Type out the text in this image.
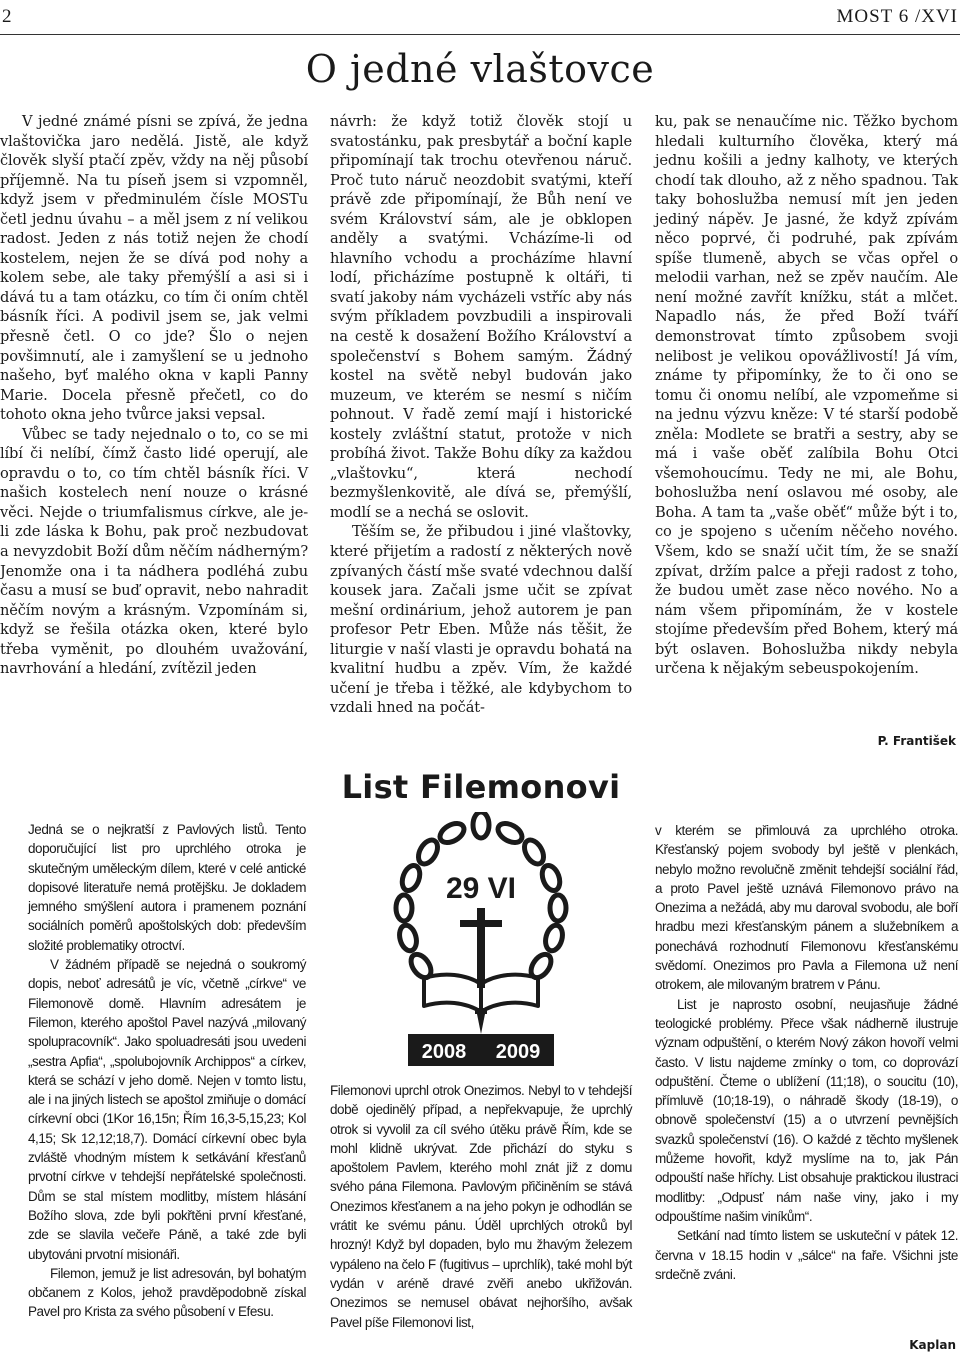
2	MOST 6 /XVI
O jedné vlaštovce

V jedné známé písni se zpívá, že jedna vlaštovička jaro nedělá. Jistě, ale když člověk slyší ptačí zpěv, vždy na něj působí příjemně. Na tu píseň jsem si vzpomněl, když jsem v předminulém čísle MOSTu četl jednu úvahu – a měl jsem z ní velikou radost. Jeden z nás totiž nejen že chodí kostelem, nejen že se dívá pod nohy a kolem sebe, ale taky přemýšlí a asi si i dává tu a tam otázku, co tím či oním chtěl básník říci. A podivil jsem se, jak velmi přesně četl. O co jde? Šlo o nejen povšimnutí, ale i zamyšlení se u jednoho našeho, byť malého okna v kapli Panny Marie. Docela přesně přečetl, co do tohoto okna jeho tvůrce jaksi vepsal.

Vůbec se tady nejednalo o to, co se mi líbí či nelíbí, čímž často lidé operují, ale opravdu o to, co tím chtěl básník říci. V našich kostelech není nouze o krásné věci. Nejde o triumfalismus církve, ale je-li zde láska k Bohu, pak proč nezbudovat a nevyzdobit Boží dům něčím nádherným? Jenomže ona i ta nádhera podléhá zubu času a musí se buď opravit, nebo nahradit něčím novým a krásným. Vzpomínám si, když se řešila otázka oken, které bylo třeba vyměnit, po dlouhém uvažování, navrhování a hledání, zvítězil jeden

návrh: že když totiž člověk stojí u svatostánku, pak presbytář a boční kaple připomínají tak trochu otevřenou náruč. Proč tuto náruč neozdobit svatými, kteří právě zde připomínají, že Bůh není ve svém Království sám, ale je obklopen anděly a svatými. Vcházíme-li od hlavního vchodu a procházíme hlavní lodí, přicházíme postupně k oltáři, ti svatí jakoby nám vycházeli vstříc aby nás svým příkladem povzbudili a inspirovali na cestě k dosažení Božího Království a společenství s Bohem samým. Žádný kostel na světě nebyl budován jako muzeum, ve kterém se nesmí s ničím pohnout. V řadě zemí mají i historické kostely zvláštní statut, protože v nich probíhá život. Takže Bohu díky za každou „vlaštovku“, která nechodí bezmyšlenkovitě, ale dívá se, přemýšlí, modlí se a nechá se oslovit.

Těším se, že přibudou i jiné vlaštovky, které přijetím a radostí z některých nově zpívaných částí mše svaté vdechnou další kousek jara. Začali jsme učit se zpívat mešní ordinárium, jehož autorem je pan profesor Petr Eben. Může nás těšit, že liturgie v naší vlasti je opravdu bohatá na kvalitní hudbu a zpěv. Vím, že každé učení je třeba i těžké, ale kdybychom to vzdali hned na počát-

ku, pak se nenaučíme nic. Těžko bychom hledali kulturního člověka, který má jednu košili a jedny kalhoty, ve kterých chodí tak dlouho, až z něho spadnou. Tak taky bohoslužba nemusí mít jen jeden jediný nápěv. Je jasné, že když zpívám něco poprvé, či podruhé, pak zpívám spíše tlumeně, abych se včas opřel o melodii varhan, než se zpěv naučím. Ale není možné zavřít knížku, stát a mlčet. Napadlo nás, že před Boží tváří demonstrovat tímto způsobem svoji nelibost je velikou opovážlivostí! Já vím, známe ty připomínky, že to či ono se tomu či onomu nelíbí, ale vzpomeňme si na jednu výzvu kněze: V té starší podobě zněla: Modlete se bratři a sestry, aby se má i vaše oběť zalíbila Bohu Otci všemohoucímu. Tedy ne mi, ale Bohu, bohoslužba není oslavou mé osoby, ale Boha. A tam ta „vaše oběť“ může být i to, co je spojeno s učením něčeho nového. Všem, kdo se snaží učit tím, že se snaží zpívat, držím palce a přeji radost z toho, že budou umět zase něco nového. No a nám všem připomínám, že v kostele stojíme především před Bohem, který má být oslaven. Bohoslužba nikdy nebyla určena k nějakým sebeuspokojením.

P. František
List Filemonovi

Jedná se o nejkratší z Pavlových listů. Tento doporučující list pro uprchlého otroka je skutečným uměleckým dílem, které v celé antické dopisové literatuře nemá protějšku. Je dokladem jemného smýšlení autora i pramenem poznání sociálních poměrů apoštolských dob: především složité problematiky otroctví.

V žádném případě se nejedná o soukromý dopis, neboť adresátů je víc, včetně „církve“ ve Filemonově domě. Hlavním adresátem je Filemon, kterého apoštol Pavel nazývá „milovaný spolupracovník“. Jako spoluadresáti jsou uvedeni „sestra Apfia“, „spolubojovník Archippos“ a církev, která se schází v jeho domě. Nejen v tomto listu, ale i na jiných listech se apoštol zmiňuje o domácí církevní obci (1Kor 16,15n; Řím 16,3-5,15,23; Kol 4,15; Sk 12,12;18,7). Domácí církevní obec byla zvláště vhodným místem k setkávání křesťanů prvotní církve v tehdejší nepřátelské společnosti. Dům se stal místem modlitby, místem hlásání Božího slova, zde byli pokřtěni první křesťané, zde se slavila večeře Páně, a také zde byli ubytováni prvotní misionáři.

Filemon, jemuž je list adresován, byl bohatým občanem z Kolos, jehož pravděpodobně získal Pavel pro Krista za svého působení v Efesu.

29 VI
2008 2009

Filemonovi uprchl otrok Onezimos. Nebyl to v tehdejší době ojedinělý případ, a nepřekvapuje, že uprchlý otrok si vyvolil za cíl svého útěku právě Řím, kde se mohl klidně ukrývat. Zde přichází do styku s apoštolem Pavlem, kterého mohl znát již z domu svého pána Filemona. Pavlovým přičiněním se stává Onezimos křesťanem a na jeho pokyn je odhodlán se vrátit ke svému pánu. Úděl uprchlých otroků byl hrozný! Když byl dopaden, bylo mu žhavým železem vypáleno na čelo F (fugitivus – uprchlík), také mohl být vydán v aréně dravé zvěři anebo ukřižován. Onezimos se nemusel obávat nejhoršího, avšak Pavel píše Filemonovi list,

v kterém se přimlouvá za uprchlého otroka. Křesťanský pojem svobody byl ještě v plenkách, nebylo možno revolučně změnit tehdejší sociální řád, a proto Pavel ještě uznává Filemonovo právo na Onezima a nežádá, aby mu daroval svobodu, ale boří hradbu mezi křesťanským pánem a služebníkem a ponechává rozhodnutí Filemonovu křesťanskému svědomí. Onezimos pro Pavla a Filemona už není otrokem, ale milovaným bratrem v Pánu.

List je naprosto osobní, neujasňuje žádné teologické problémy. Přece však nádherně ilustruje význam odpuštění, o kterém Nový zákon hovoří velmi často. V listu najdeme zmínky o tom, co doprovází odpuštění. Čteme o ublížení (11;18), o soucitu (10), přímluvě (10;18-19), o náhradě škody (18-19), o obnově společenství (15) a o utvrzení pevnějších svazků společenství (16). O každé z těchto myšlenek můžeme hovořit, když myslíme na to, jak Pán odpouští naše hříchy. List obsahuje praktickou ilustraci modlitby: „Odpusť nám naše viny, jako i my odpouštíme našim viníkům“.

Setkání nad tímto listem se uskuteční v pátek 12. června v 18.15 hodin v „sálce“ na faře. Všichni jste srdečně zváni.

Kaplan
